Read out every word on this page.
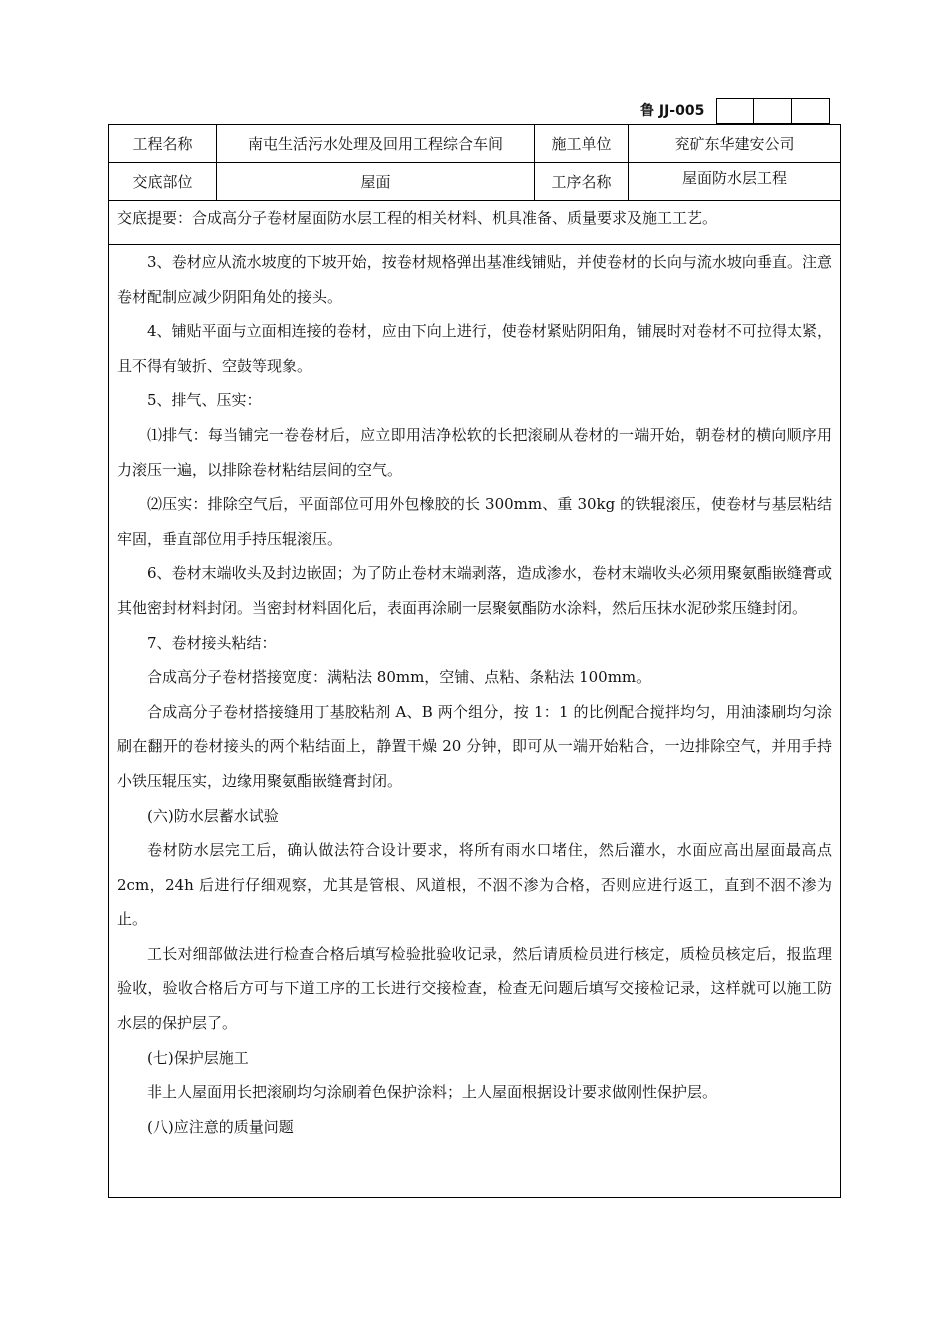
鲁 JJ-005
工程名称	南屯生活污水处理及回用工程综合车间	施工单位	兖矿东华建安公司
交底部位	屋面	工序名称	屋面防水层工程
交底提要：合成高分子卷材屋面防水层工程的相关材料、机具准备、质量要求及施工工艺。

3、卷材应从流水坡度的下坡开始，按卷材规格弹出基准线铺贴，并使卷材的长向与流水坡向垂直。注意卷材配制应减少阴阳角处的接头。

4、铺贴平面与立面相连接的卷材，应由下向上进行，使卷材紧贴阴阳角，铺展时对卷材不可拉得太紧，且不得有皱折、空鼓等现象。

5、排气、压实：

⑴排气：每当铺完一卷卷材后，应立即用洁净松软的长把滚刷从卷材的一端开始，朝卷材的横向顺序用力滚压一遍，以排除卷材粘结层间的空气。

⑵压实：排除空气后，平面部位可用外包橡胶的长 300mm、重 30kg 的铁辊滚压，使卷材与基层粘结牢固，垂直部位用手持压辊滚压。

6、卷材末端收头及封边嵌固；为了防止卷材末端剥落，造成渗水，卷材末端收头必须用聚氨酯嵌缝膏或其他密封材料封闭。当密封材料固化后，表面再涂刷一层聚氨酯防水涂料，然后压抹水泥砂浆压缝封闭。

7、卷材接头粘结：

合成高分子卷材搭接宽度：满粘法 80mm，空铺、点粘、条粘法 100mm。

合成高分子卷材搭接缝用丁基胶粘剂 A、B 两个组分，按 1：1 的比例配合搅拌均匀，用油漆刷均匀涂刷在翻开的卷材接头的两个粘结面上，静置干燥 20 分钟，即可从一端开始粘合，一边排除空气，并用手持小铁压辊压实，边缘用聚氨酯嵌缝膏封闭。

(六)防水层蓄水试验

卷材防水层完工后，确认做法符合设计要求，将所有雨水口堵住，然后灌水，水面应高出屋面最高点 2cm，24h 后进行仔细观察，尤其是管根、风道根，不洇不渗为合格，否则应进行返工，直到不洇不渗为止。

工长对细部做法进行检查合格后填写检验批验收记录，然后请质检员进行核定，质检员核定后，报监理验收，验收合格后方可与下道工序的工长进行交接检查，检查无问题后填写交接检记录，这样就可以施工防水层的保护层了。

(七)保护层施工

非上人屋面用长把滚刷均匀涂刷着色保护涂料；上人屋面根据设计要求做刚性保护层。

(八)应注意的质量问题
